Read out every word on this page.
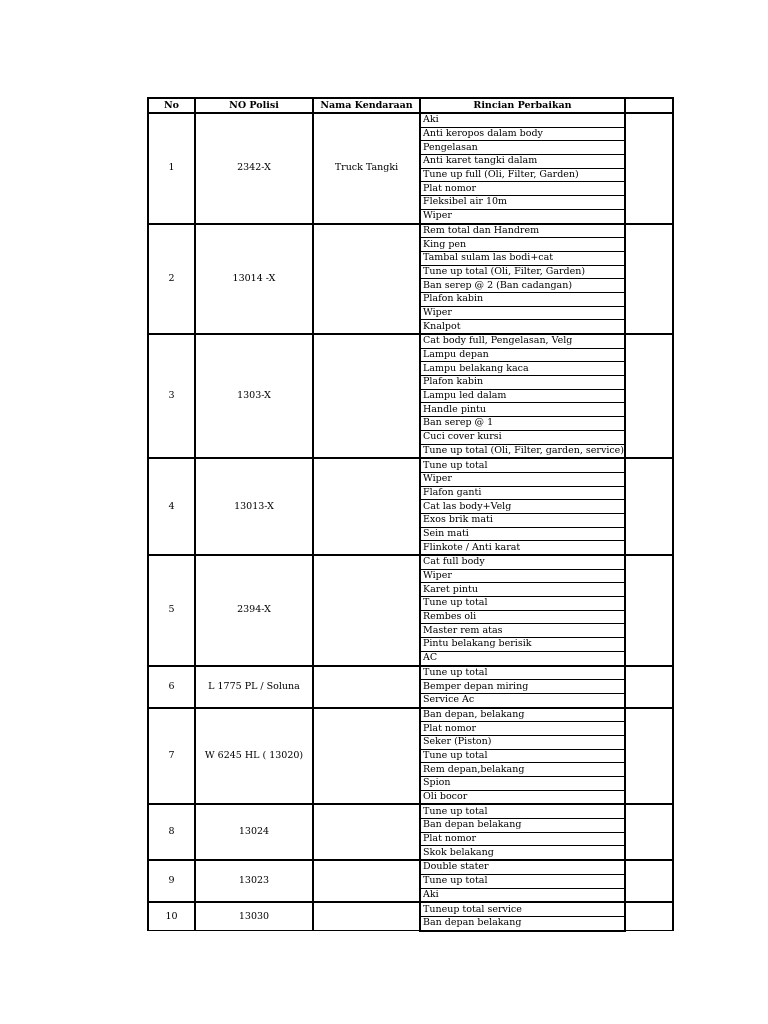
No	NO Polisi	Nama Kendaraan	Rincian Perbaikan	
1	2342-X	Truck Tangki	Aki	
			Anti keropos dalam body	
			Pengelasan	
			Anti karet tangki dalam	
			Tune up full (Oli, Filter, Garden)	
			Plat nomor	
			Fleksibel air 10m	
			Wiper	
2	13014 -X		Rem total dan Handrem	
			King pen	
			Tambal sulam las bodi+cat	
			Tune up total (Oli, Filter, Garden)	
			Ban serep @ 2 (Ban cadangan)	
			Plafon kabin	
			Wiper	
			Knalpot	
3	1303-X		Cat body full, Pengelasan, Velg	
			Lampu depan	
			Lampu belakang kaca	
			Plafon kabin	
			Lampu led dalam	
			Handle pintu	
			Ban serep @ 1	
			Cuci cover kursi	
			Tune up total (Oli, Filter, garden, service)	
4	13013-X		Tune up total	
			Wiper	
			Flafon ganti	
			Cat las body+Velg	
			Exos brik mati	
			Sein mati	
			Flinkote / Anti karat	
5	2394-X		Cat full body	
			Wiper	
			Karet pintu	
			Tune up total	
			Rembes oli	
			Master rem atas	
			Pintu belakang berisik	
			AC	
6	L 1775 PL / Soluna		Tune up total	
			Bemper depan miring	
			Service Ac	
7	W 6245 HL ( 13020)		Ban depan, belakang	
			Plat nomor	
			Seker (Piston)	
			Tune up total	
			Rem depan,belakang	
			Spion	
			Oli bocor	
8	13024		Tune up total	
			Ban depan belakang	
			Plat nomor	
			Skok belakang	
9	13023		Double stater	
			Tune up total	
			Aki	
10	13030		Tuneup total service	
			Ban depan belakang	
